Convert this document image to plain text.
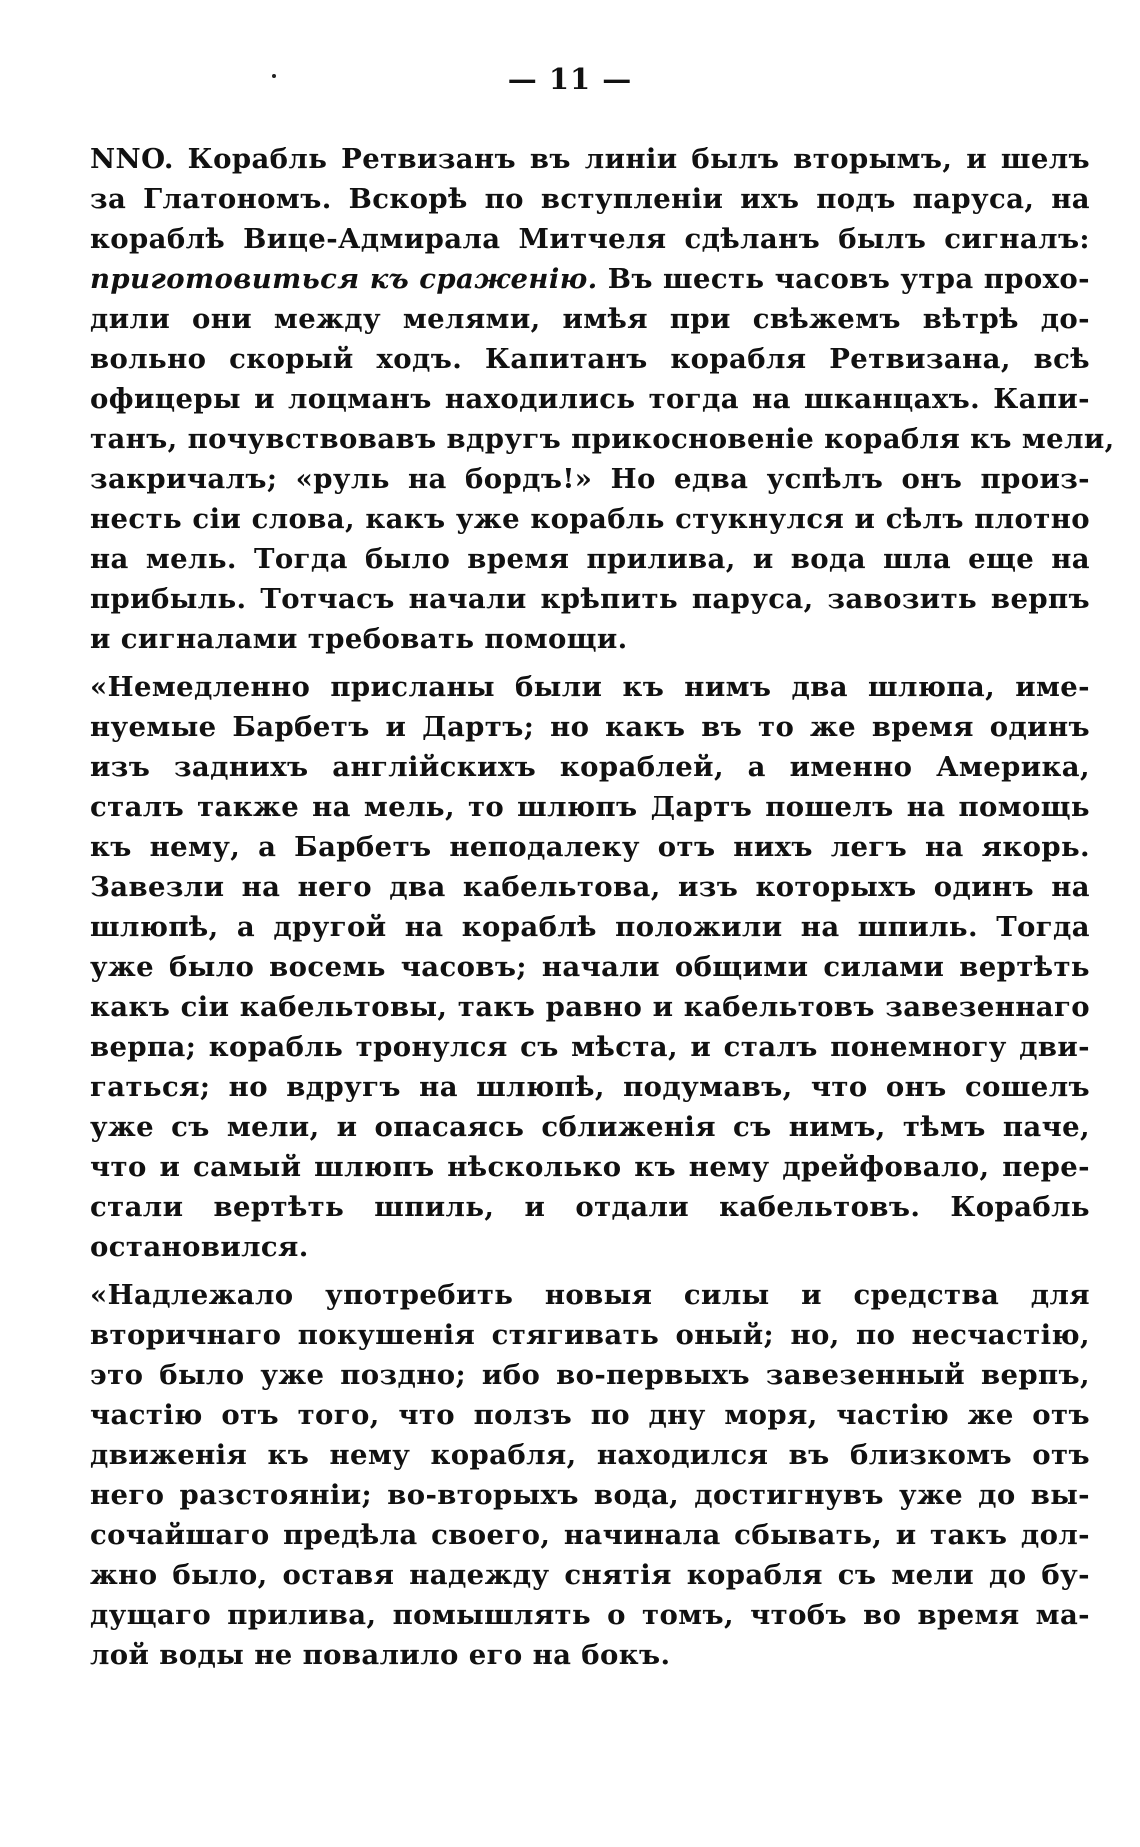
— 11 —
NNO. Корабль Ретвизанъ въ линіи былъ вторымъ, и шелъ
за Глатономъ. Вскорѣ по вступленіи ихъ подъ паруса, на
кораблѣ Вице-Адмирала Митчеля сдѣланъ былъ сигналъ:
приготовиться къ сраженію. Въ шесть часовъ утра прохо-
дили они между мелями, имѣя при свѣжемъ вѣтрѣ до-
вольно скорый ходъ. Капитанъ корабля Ретвизана, всѣ
офицеры и лоцманъ находились тогда на шканцахъ. Капи-
танъ, почувствовавъ вдругъ прикосновеніе корабля къ мели,
закричалъ; «руль на бордъ!» Но едва успѣлъ онъ произ-
несть сіи слова, какъ уже корабль стукнулся и сѣлъ плотно
на мель. Тогда было время прилива, и вода шла еще на
прибыль. Тотчасъ начали крѣпить паруса, завозить верпъ
и сигналами требовать помощи.
«Немедленно присланы были къ нимъ два шлюпа, име-
нуемые Барбетъ и Дартъ; но какъ въ то же время одинъ
изъ заднихъ англійскихъ кораблей, а именно Америка,
сталъ также на мель, то шлюпъ Дартъ пошелъ на помощь
къ нему, а Барбетъ неподалеку отъ нихъ легъ на якорь.
Завезли на него два кабельтова, изъ которыхъ одинъ на
шлюпѣ, а другой на кораблѣ положили на шпиль. Тогда
уже было восемь часовъ; начали общими силами вертѣть
какъ сіи кабельтовы, такъ равно и кабельтовъ завезеннаго
верпа; корабль тронулся съ мѣста, и сталъ понемногу дви-
гаться; но вдругъ на шлюпѣ, подумавъ, что онъ сошелъ
уже съ мели, и опасаясь сближенія съ нимъ, тѣмъ паче,
что и самый шлюпъ нѣсколько къ нему дрейфовало, пере-
стали вертѣть шпиль, и отдали кабельтовъ. Корабль
остановился.
«Надлежало употребить новыя силы и средства для
вторичнаго покушенія стягивать оный; но, по несчастію,
это было уже поздно; ибо во-первыхъ завезенный верпъ,
частію отъ того, что ползъ по дну моря, частію же отъ
движенія къ нему корабля, находился въ близкомъ отъ
него разстояніи; во-вторыхъ вода, достигнувъ уже до вы-
сочайшаго предѣла своего, начинала сбывать, и такъ дол-
жно было, оставя надежду снятія корабля съ мели до бу-
дущаго прилива, помышлять о томъ, чтобъ во время ма-
лой воды не повалило его на бокъ.
